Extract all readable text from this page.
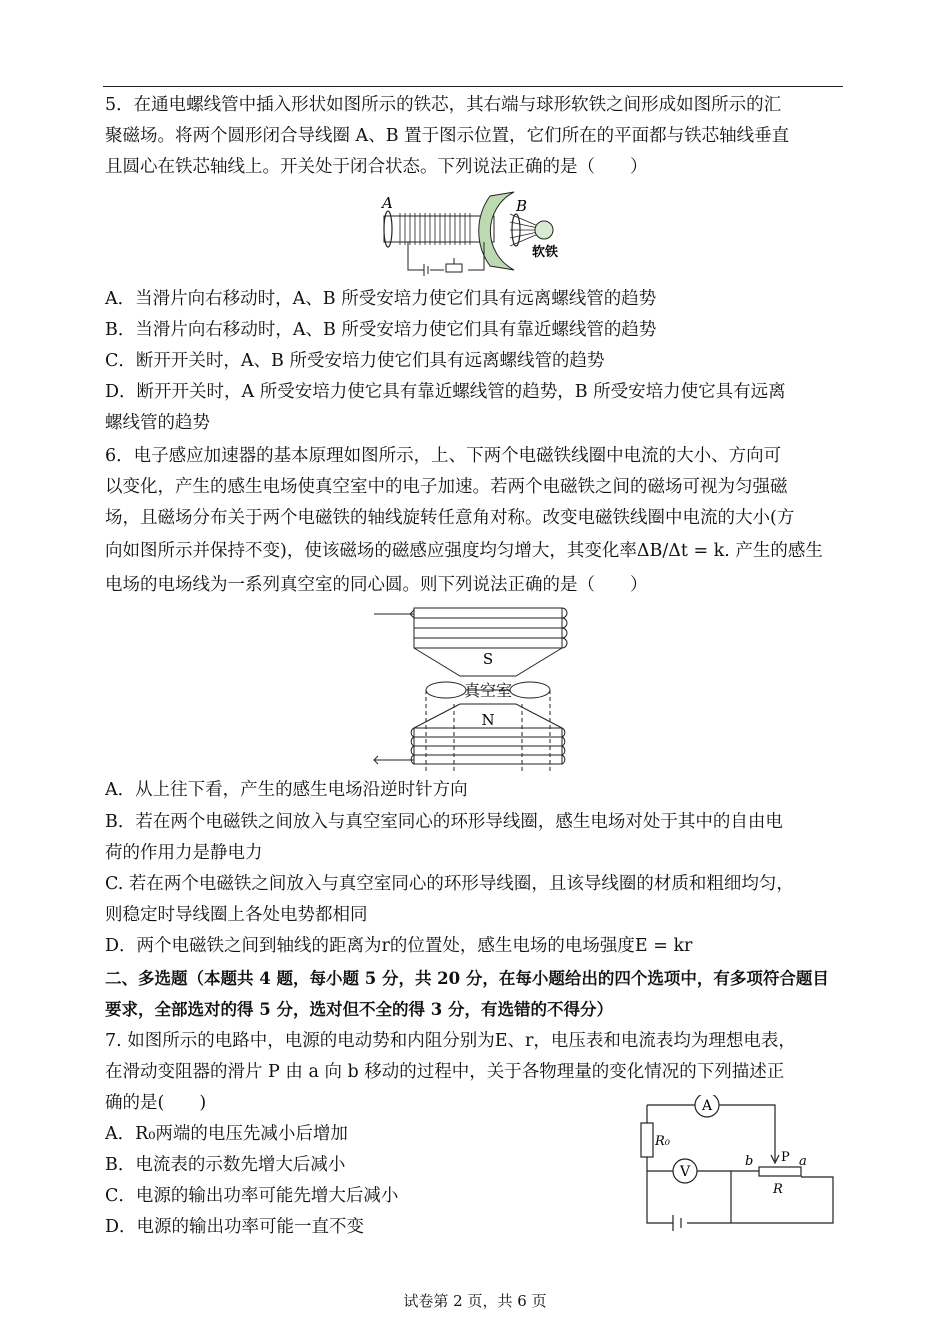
5．在通电螺线管中插入形状如图所示的铁芯，其右端与球形软铁之间形成如图所示的汇
聚磁场。将两个圆形闭合导线圈 A、B 置于图示位置，它们所在的平面都与铁芯轴线垂直
且圆心在铁芯轴线上。开关处于闭合状态。下列说法正确的是（　　）
A	B
软铁
A．当滑片向右移动时，A、B 所受安培力使它们具有远离螺线管的趋势
B．当滑片向右移动时，A、B 所受安培力使它们具有靠近螺线管的趋势
C．断开开关时，A、B 所受安培力使它们具有远离螺线管的趋势
D．断开开关时，A 所受安培力使它具有靠近螺线管的趋势，B 所受安培力使它具有远离
螺线管的趋势
6．电子感应加速器的基本原理如图所示，上、下两个电磁铁线圈中电流的大小、方向可
以变化，产生的感生电场使真空室中的电子加速。若两个电磁铁之间的磁场可视为匀强磁
场，且磁场分布关于两个电磁铁的轴线旋转任意角对称。改变电磁铁线圈中电流的大小(方
向如图所示并保持不变)，使该磁场的磁感应强度均匀增大，其变化率ΔB/Δt = k. 产生的感生
电场的电场线为一系列真空室的同心圆。则下列说法正确的是（　　）
S
真空室
N
A．从上往下看，产生的感生电场沿逆时针方向
B．若在两个电磁铁之间放入与真空室同心的环形导线圈，感生电场对处于其中的自由电
荷的作用力是静电力
C. 若在两个电磁铁之间放入与真空室同心的环形导线圈，且该导线圈的材质和粗细均匀，
则稳定时导线圈上各处电势都相同
D．两个电磁铁之间到轴线的距离为r的位置处，感生电场的电场强度E = kr
二、多选题（本题共 4 题，每小题 5 分，共 20 分，在每小题给出的四个选项中，有多项符合题目
要求，全部选对的得 5 分，选对但不全的得 3 分，有选错的不得分）
7. 如图所示的电路中，电源的电动势和内阻分别为E、r，电压表和电流表均为理想电表，
在滑动变阻器的滑片 P 由 a 向 b 移动的过程中，关于各物理量的变化情况的下列描述正
确的是(　　)
A．R₀两端的电压先减小后增加
B．电流表的示数先增大后减小
C．电源的输出功率可能先增大后减小
D．电源的输出功率可能一直不变
A
V
R₀
P
b	a
R
试卷第 2 页，共 6 页
